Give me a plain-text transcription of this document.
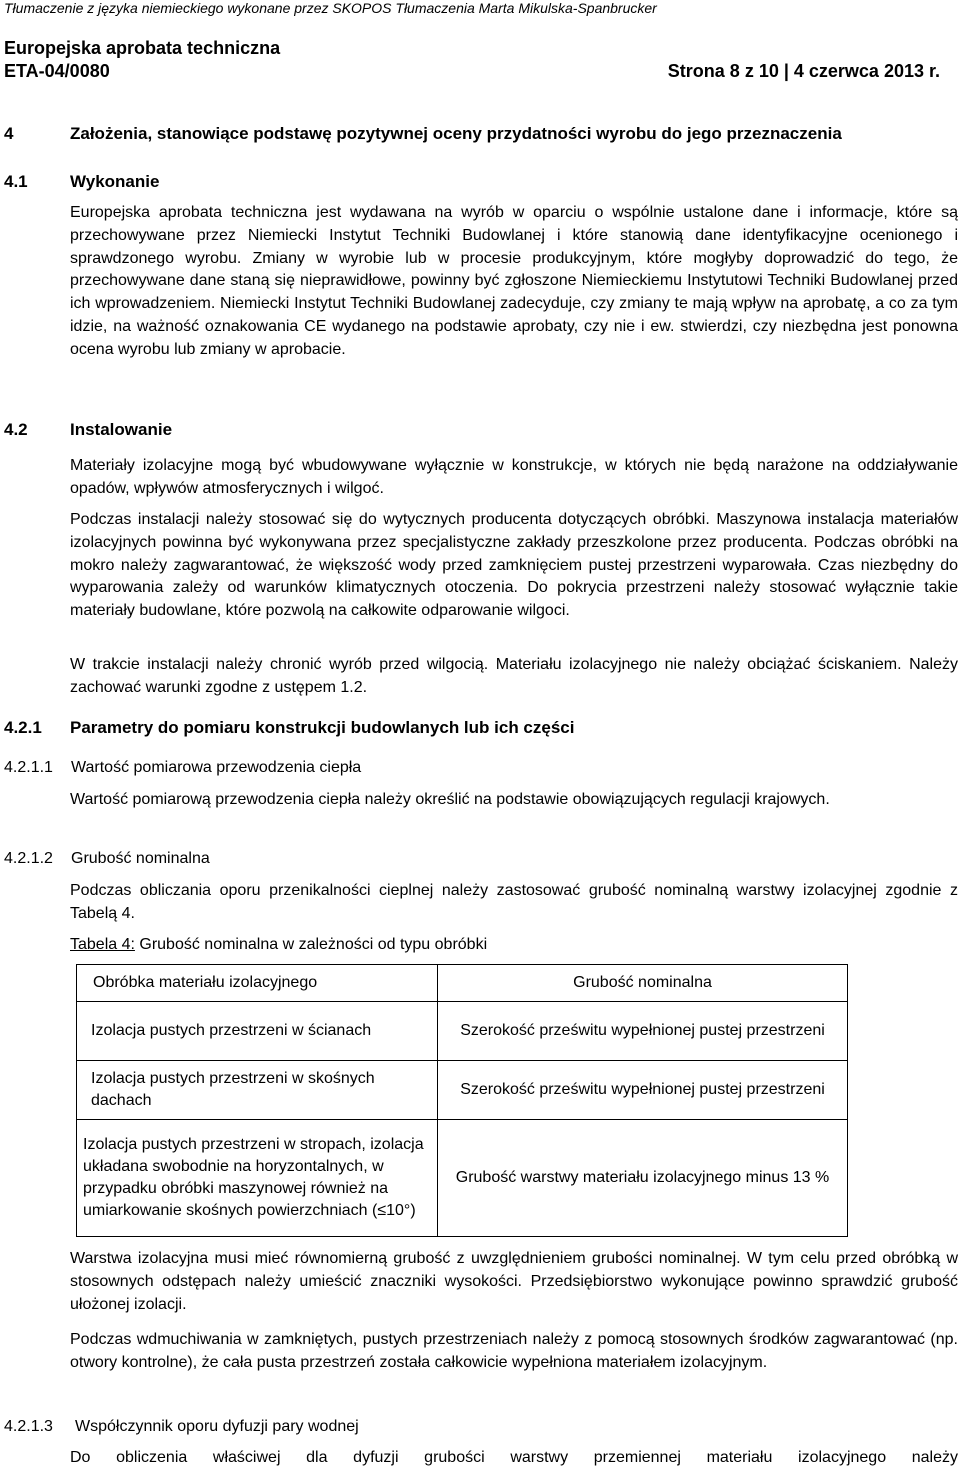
Tłumaczenie z języka niemieckiego wykonane przez SKOPOS Tłumaczenia Marta Mikulska-Spanbrucker
Europejska aprobata techniczna
ETA-04/0080	Strona 8 z 10 | 4 czerwca 2013 r.
4	Założenia, stanowiące podstawę pozytywnej oceny przydatności wyrobu do jego przeznaczenia
4.1 Wykonanie

Europejska aprobata techniczna jest wydawana na wyrób w oparciu o wspólnie ustalone dane i informacje, które są przechowywane przez Niemiecki Instytut Techniki Budowlanej i które stanowią dane identyfikacyjne ocenionego i sprawdzonego wyrobu. Zmiany w wyrobie lub w procesie produkcyjnym, które mogłyby doprowadzić do tego, że przechowywane dane staną się nieprawidłowe, powinny być zgłoszone Niemieckiemu Instytutowi Techniki Budowlanej przed ich wprowadzeniem. Niemiecki Instytut Techniki Budowlanej zadecyduje, czy zmiany te mają wpływ na aprobatę, a co za tym idzie, na ważność oznakowania CE wydanego na podstawie aprobaty, czy nie i ew. stwierdzi, czy niezbędna jest ponowna ocena wyrobu lub zmiany w aprobacie.

4.2 Instalowanie

Materiały izolacyjne mogą być wbudowywane wyłącznie w konstrukcje, w których nie będą narażone na oddziaływanie opadów, wpływów atmosferycznych i wilgoć.

Podczas instalacji należy stosować się do wytycznych producenta dotyczących obróbki. Maszynowa instalacja materiałów izolacyjnych powinna być wykonywana przez specjalistyczne zakłady przeszkolone przez producenta. Podczas obróbki na mokro należy zagwarantować, że większość wody przed zamknięciem pustej przestrzeni wyparowała. Czas niezbędny do wyparowania zależy od warunków klimatycznych otoczenia. Do pokrycia przestrzeni należy stosować wyłącznie takie materiały budowlane, które pozwolą na całkowite odparowanie wilgoci.

W trakcie instalacji należy chronić wyrób przed wilgocią. Materiału izolacyjnego nie należy obciążać ściskaniem. Należy zachować warunki zgodne z ustępem 1.2.

4.2.1 Parametry do pomiaru konstrukcji budowlanych lub ich części
4.2.1.1 Wartość pomiarowa przewodzenia ciepła

Wartość pomiarową przewodzenia ciepła należy określić na podstawie obowiązujących regulacji krajowych.

4.2.1.2 Grubość nominalna

Podczas obliczania oporu przenikalności cieplnej należy zastosować grubość nominalną warstwy izolacyjnej zgodnie z Tabelą 4.

Tabela 4: Grubość nominalna w zależności od typu obróbki
Obróbka materiału izolacyjnego	Grubość nominalna
Izolacja pustych przestrzeni w ścianach	Szerokość prześwitu wypełnionej pustej przestrzeni
Izolacja pustych przestrzeni w skośnych dachach	Szerokość prześwitu wypełnionej pustej przestrzeni
Izolacja pustych przestrzeni w stropach, izolacja układana swobodnie na horyzontalnych, w przypadku obróbki maszynowej również na umiarkowanie skośnych powierzchniach (≤10°)	Grubość warstwy materiału izolacyjnego minus 13 %

Warstwa izolacyjna musi mieć równomierną grubość z uwzględnieniem grubości nominalnej. W tym celu przed obróbką w stosownych odstępach należy umieścić znaczniki wysokości. Przedsiębiorstwo wykonujące powinno sprawdzić grubość ułożonej izolacji.

Podczas wdmuchiwania w zamkniętych, pustych przestrzeniach należy z pomocą stosownych środków zagwarantować (np. otwory kontrolne), że cała pusta przestrzeń została całkowicie wypełniona materiałem izolacyjnym.

4.2.1.3 Współczynnik oporu dyfuzji pary wodnej

Do obliczenia właściwej dla dyfuzji grubości warstwy przemiennej materiału izolacyjnego należy
